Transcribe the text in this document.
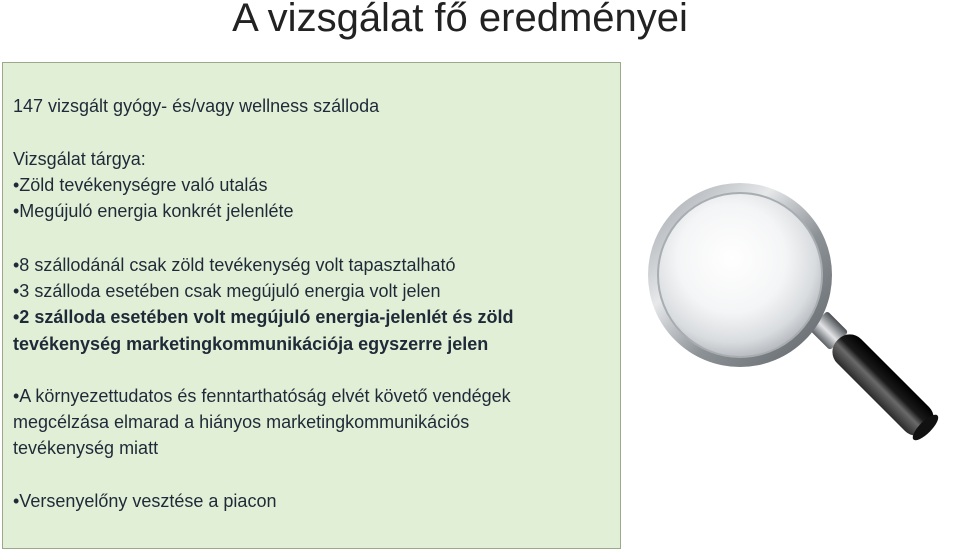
A vizsgálat fő eredményei
147 vizsgált gyógy- és/vagy wellness szálloda
Vizsgálat tárgya:
•Zöld tevékenységre való utalás
•Megújuló energia konkrét jelenléte
•8 szállodánál csak zöld tevékenység volt tapasztalható
•3 szálloda esetében csak megújuló energia volt jelen
•2 szálloda esetében volt megújuló energia-jelenlét és zöld
tevékenység marketingkommunikációja egyszerre jelen
•A környezettudatos és fenntarthatóság elvét követő vendégek
megcélzása elmarad a hiányos marketingkommunikációs
tevékenység miatt
•Versenyelőny vesztése a piacon
